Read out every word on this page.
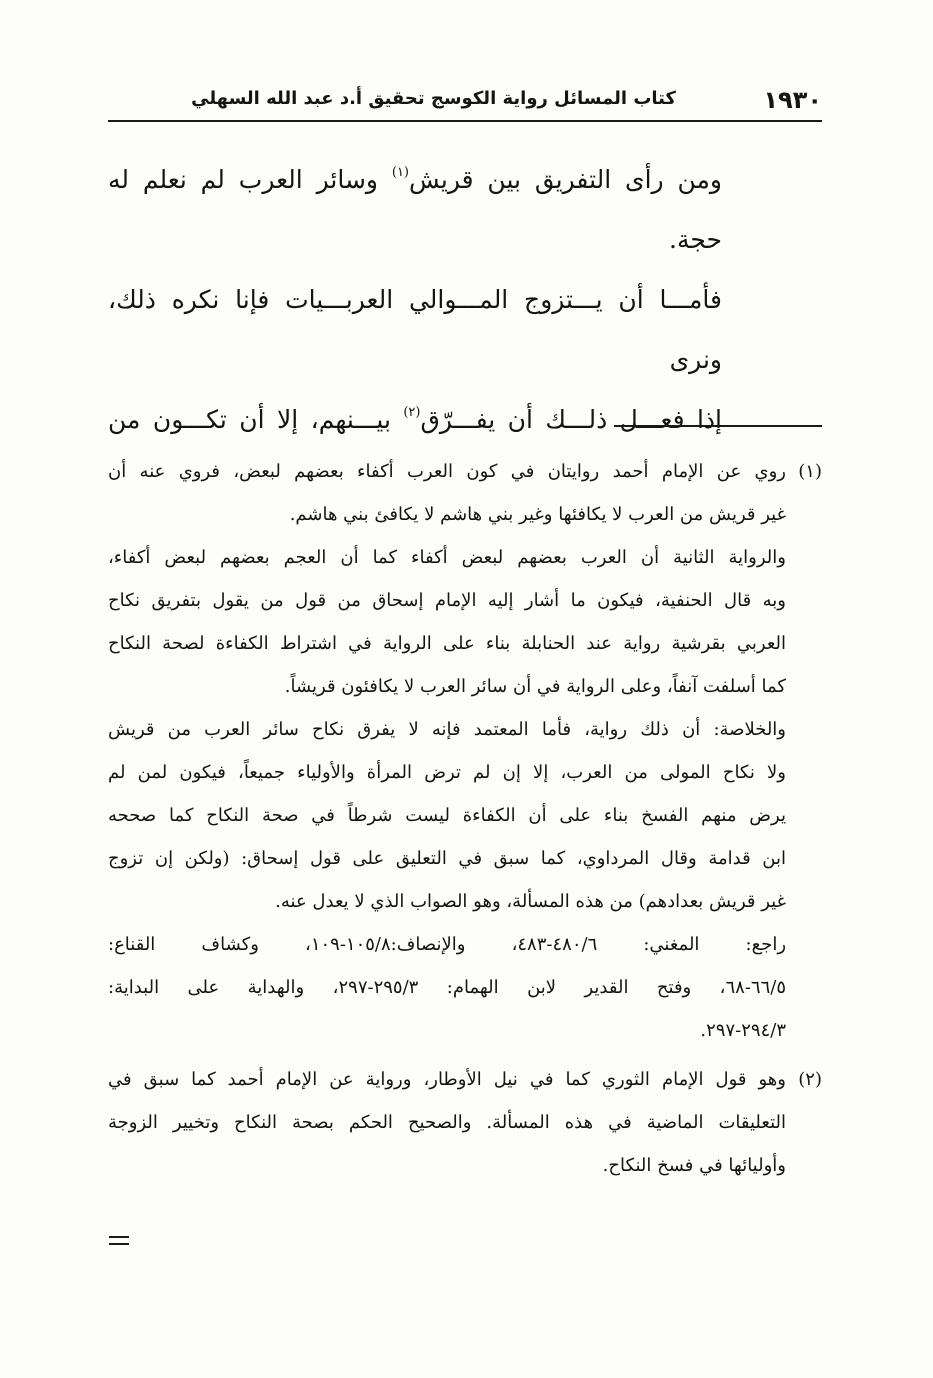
١٩٣٠
كتاب المسائل رواية الكوسج تحقيق أ.د عبد الله السهلي

ومن رأى التفريق بين قريش$^{(١)}$ وسائر العرب لم نعلم له

حجة.

فأمـــا أن يـــتزوج المـــوالي العربـــيات فإنا نكره ذلك، ونرى

إذا فعـــل ذلـــك أن يفـــرّق$^{(٢)}$ بيـــنهم، إلا أن تكـــون من

(١)

روي عن الإمام أحمد روايتان في كون العرب أكفاء بعضهم لبعض، فروي عنه أن

غير قريش من العرب لا يكافئها وغير بني هاشم لا يكافئ بني هاشم.

والرواية الثانية أن العرب بعضهم لبعض أكفاء كما أن العجم بعضهم لبعض أكفاء،

وبه قال الحنفية، فيكون ما أشار إليه الإمام إسحاق من قول من يقول بتفريق نكاح

العربي بقرشية رواية عند الحنابلة بناء على الرواية في اشتراط الكفاءة لصحة النكاح

كما أسلفت آنفاً، وعلى الرواية في أن سائر العرب لا يكافئون قريشاً.

والخلاصة: أن ذلك رواية، فأما المعتمد فإنه لا يفرق نكاح سائر العرب من قريش

ولا نكاح المولى من العرب، إلا إن لم ترض المرأة والأولياء جميعاً، فيكون لمن لم

يرض منهم الفسخ بناء على أن الكفاءة ليست شرطاً في صحة النكاح كما صححه

ابن قدامة وقال المرداوي، كما سبق في التعليق على قول إسحاق: (ولكن إن تزوج

غير قريش بعدادهم) من هذه المسألة، وهو الصواب الذي لا يعدل عنه.

راجع: المغني: ٤٨٠/٦-٤٨٣، والإنصاف:١٠٥/٨-١٠٩، وكشاف القناع:

٦٦/٥-٦٨، وفتح القدير لابن الهمام: ٢٩٥/٣-٢٩٧، والهداية على البداية:

٢٩٤/٣-٢٩٧.

(٢)

وهو قول الإمام الثوري كما في نيل الأوطار، ورواية عن الإمام أحمد كما سبق في

التعليقات الماضية في هذه المسألة. والصحيح الحكم بصحة النكاح وتخيير الزوجة

وأوليائها في فسخ النكاح.
